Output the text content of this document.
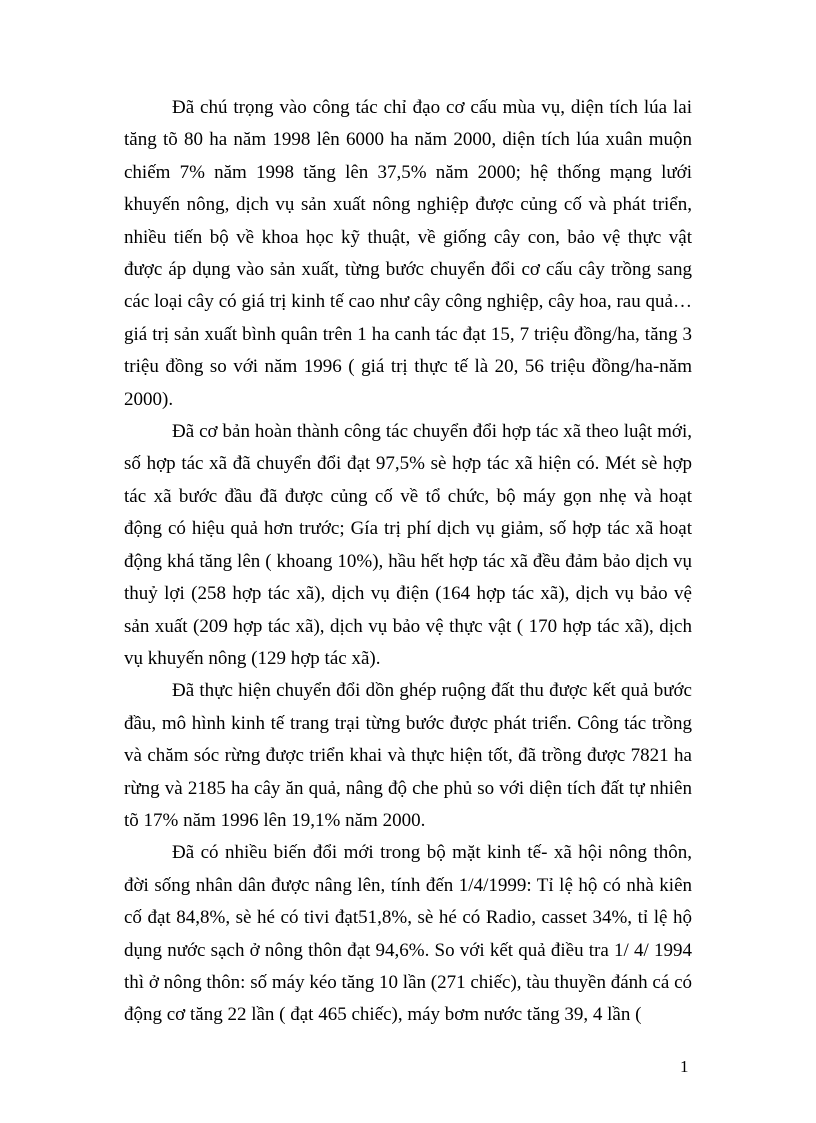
Đã chú trọng vào công tác chỉ đạo cơ cấu mùa vụ, diện tích lúa lai tăng tõ 80 ha năm 1998 lên 6000 ha năm 2000, diện tích lúa xuân muộn chiếm 7% năm 1998 tăng lên 37,5% năm 2000; hệ thống mạng lưới khuyến nông, dịch vụ sản xuất nông nghiệp được củng cố và phát triển, nhiều tiến bộ về khoa học kỹ thuật, về giống cây con, bảo vệ thực vật được áp dụng vào sản xuất, từng bước chuyển đổi cơ cấu cây trồng sang các loại cây có giá trị kinh tế cao như cây công nghiệp, cây hoa, rau quả…giá trị sản xuất bình quân trên 1 ha canh tác đạt 15, 7 triệu đồng/ha, tăng 3 triệu đồng so với năm 1996 ( giá trị thực tế là 20, 56 triệu đồng/ha-năm 2000).

Đã cơ bản hoàn thành công tác chuyển đổi hợp tác xã theo luật mới, số hợp tác xã đã chuyển đổi đạt 97,5% sè hợp tác xã hiện có. Mét sè hợp tác xã bước đầu đã được củng cố về tổ chức, bộ máy gọn nhẹ và hoạt động có hiệu quả hơn trước; Gía trị phí dịch vụ giảm, số hợp tác xã hoạt động khá tăng lên ( khoang 10%), hầu hết hợp tác xã đều đảm bảo dịch vụ thuỷ lợi (258 hợp tác xã), dịch vụ điện (164 hợp tác xã), dịch vụ bảo vệ sản xuất (209 hợp tác xã), dịch vụ bảo vệ thực vật ( 170 hợp tác xã), dịch vụ khuyến nông (129 hợp tác xã).

Đã thực hiện chuyển đổi dồn ghép ruộng đất thu được kết quả bước đầu, mô hình kinh tế trang trại từng bước được phát triển. Công tác trồng và chăm sóc rừng được triển khai và thực hiện tốt, đã trồng được 7821 ha rừng và 2185 ha cây ăn quả, nâng độ che phủ so với diện tích đất tự nhiên tõ 17% năm 1996 lên 19,1% năm 2000.

Đã có nhiều biến đổi mới trong bộ mặt kinh tế- xã hội nông thôn, đời sống nhân dân được nâng lên, tính đến 1/4/1999: Tỉ lệ hộ có nhà kiên cố đạt 84,8%, sè hé có tivi đạt51,8%, sè hé có Radio, casset 34%, tỉ lệ hộ dụng nước sạch ở nông thôn đạt 94,6%. So với kết quả điều tra 1/ 4/ 1994 thì ở nông thôn: số máy kéo tăng 10 lần (271 chiếc), tàu thuyền đánh cá có động cơ tăng 22 lần ( đạt 465 chiếc), máy bơm nước tăng 39, 4 lần (

1
